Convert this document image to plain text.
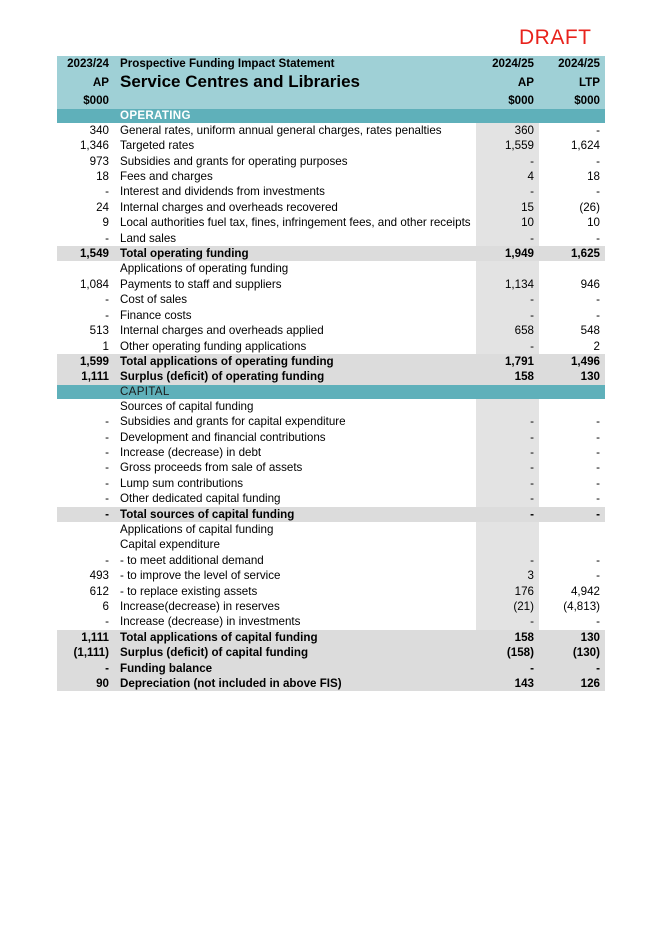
DRAFT
2023/24	Prospective Funding Impact Statement	2024/25	2024/25
AP	Service Centres and Libraries	AP	LTP
$000		$000	$000
	OPERATING		
340	General rates, uniform annual general charges, rates penalties	360	-
1,346	Targeted rates	1,559	1,624
973	Subsidies and grants for operating purposes	-	-
18	Fees and charges	4	18
-	Interest and dividends from investments	-	-
24	Internal charges and overheads recovered	15	(26)
9	Local authorities fuel tax, fines, infringement fees, and other receipts	10	10
-	Land sales	-	-
1,549	Total operating funding	1,949	1,625
	Applications of operating funding		
1,084	Payments to staff and suppliers	1,134	946
-	Cost of sales	-	-
-	Finance costs	-	-
513	Internal charges and overheads applied	658	548
1	Other operating funding applications	-	2
1,599	Total applications of operating funding	1,791	1,496
1,111	Surplus (deficit) of operating funding	158	130
	CAPITAL		
	Sources of capital funding		
-	Subsidies and grants for capital expenditure	-	-
-	Development and financial contributions	-	-
-	Increase (decrease) in debt	-	-
-	Gross proceeds from sale of assets	-	-
-	Lump sum contributions	-	-
-	Other dedicated capital funding	-	-
-	Total sources of capital funding	-	-
	Applications of capital funding		
	Capital expenditure		
-	- to meet additional demand	-	-
493	- to improve the level of service	3	-
612	- to replace existing assets	176	4,942
6	Increase(decrease) in reserves	(21)	(4,813)
-	Increase (decrease) in investments	-	-
1,111	Total applications of capital funding	158	130
(1,111)	Surplus (deficit) of capital funding	(158)	(130)
-	Funding balance	-	-
90	Depreciation (not included in above FIS)	143	126
